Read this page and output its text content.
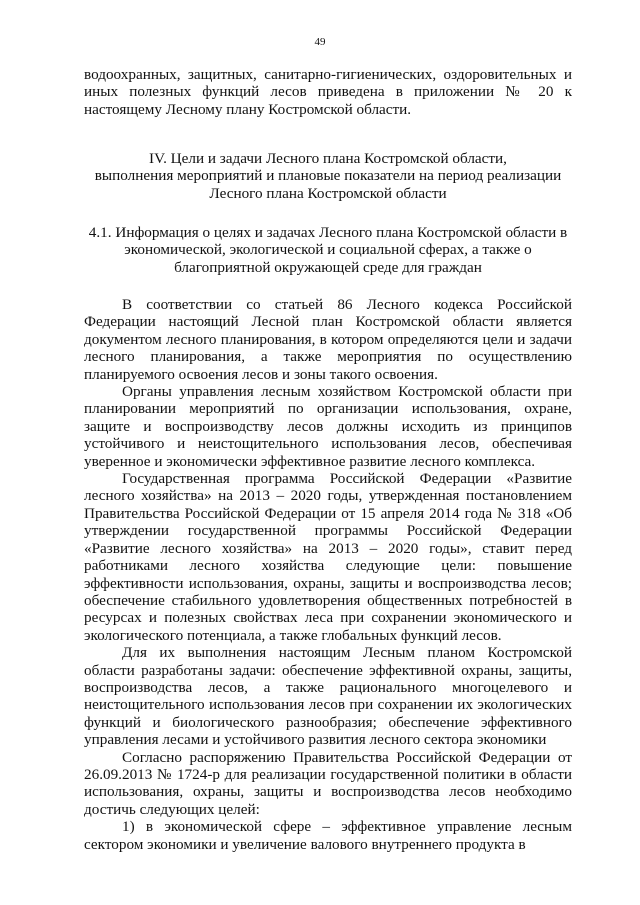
49

водоохранных, защитных, санитарно-гигиенических, оздоровительных и иных полезных функций лесов приведена в приложении № 20 к настоящему Лесному плану Костромской области.

IV. Цели и задачи Лесного плана Костромской области,
выполнения мероприятий и плановые показатели на период реализации
Лесного плана Костромской области
4.1. Информация о целях и задачах Лесного плана Костромской области в
экономической, экологической и социальной сферах, а также о
благоприятной окружающей среде для граждан

В соответствии со статьей 86 Лесного кодекса Российской Федерации настоящий Лесной план Костромской области является документом лесного планирования, в котором определяются цели и задачи лесного планирования, а также мероприятия по осуществлению планируемого освоения лесов и зоны такого освоения.

Органы управления лесным хозяйством Костромской области при планировании мероприятий по организации использования, охране, защите и воспроизводству лесов должны исходить из принципов устойчивого и неистощительного использования лесов, обеспечивая уверенное и экономически эффективное развитие лесного комплекса.

Государственная программа Российской Федерации «Развитие лесного хозяйства» на 2013 – 2020 годы, утвержденная постановлением Правительства Российской Федерации от 15 апреля 2014 года № 318 «Об утверждении государственной программы Российской Федерации «Развитие лесного хозяйства» на 2013 – 2020 годы», ставит перед работниками лесного хозяйства следующие цели: повышение эффективности использования, охраны, защиты и воспроизводства лесов; обеспечение стабильного удовлетворения общественных потребностей в ресурсах и полезных свойствах леса при сохранении экономического и экологического потенциала, а также глобальных функций лесов.

Для их выполнения настоящим Лесным планом Костромской области разработаны задачи: обеспечение эффективной охраны, защиты, воспроизводства лесов, а также рационального многоцелевого и неистощительного использования лесов при сохранении их экологических функций и биологического разнообразия; обеспечение эффективного управления лесами и устойчивого развития лесного сектора экономики

Согласно распоряжению Правительства Российской Федерации от 26.09.2013 № 1724-р для реализации государственной политики в области использования, охраны, защиты и воспроизводства лесов необходимо достичь следующих целей:

1) в экономической сфере – эффективное управление лесным сектором экономики и увеличение валового внутреннего продукта в
